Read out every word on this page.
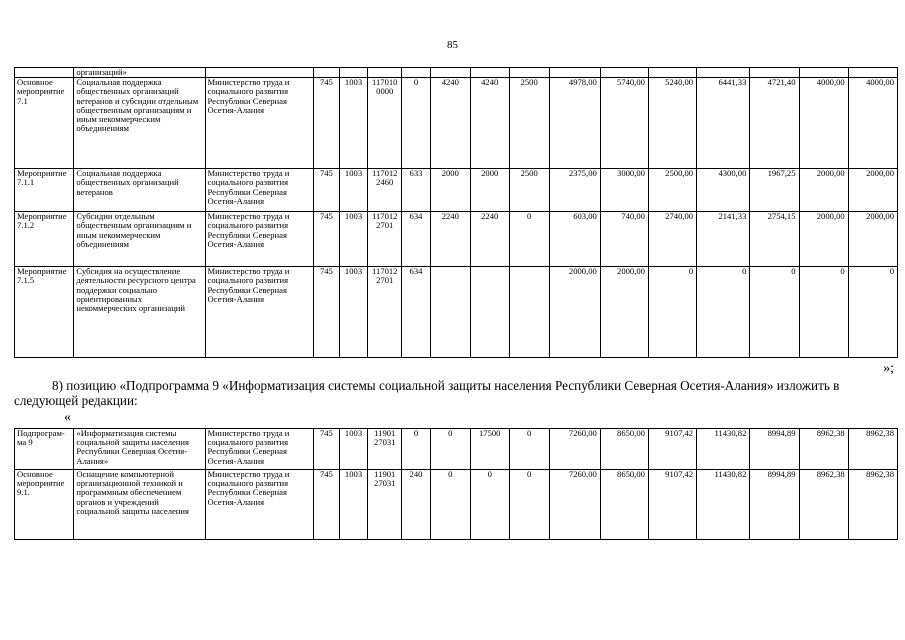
85
	организаций»															
Основное мероприятие 7.1	Социальная поддержка общественных организаций ветеранов и субсидии отдельным общественным организациям и иным некоммерческим объединениям	Министерство труда и социального развития Республики Северная Осетия-Алания	745	1003	117010 0000	0	4240	4240	2500	4978,00	5740,00	5240,00	6441,33	4721,40	4000,00	4000,00
Мероприятие 7.1.1	Социальная поддержка общественных организаций ветеранов	Министерство труда и социального развития Республики Северная Осетия-Алания	745	1003	117012 2460	633	2000	2000	2500	2375,00	3000,00	2500,00	4300,00	1967,25	2000,00	2000,00
Мероприятие 7.1.2	Субсидии отдельным общественным организациям и иным некоммерческим объединениям	Министерство труда и социального развития Республики Северная Осетия-Алания	745	1003	117012 2701	634	2240	2240	0	603,00	740,00	2740,00	2141,33	2754,15	2000,00	2000,00
Мероприятие 7.1.5	Субсидия на осуществление деятельности ресурсного центра поддержки социально ориентированных некоммерческих организаций	Министерство труда и социального развития Республики Северная Осетия-Алания	745	1003	117012 2701	634				2000,00	2000,00	0	0	0	0	0
»;
8) позицию «Подпрограмма 9 «Информатизация системы социальной защиты населения Республики Северная Осетия-Алания» изложить в следующей редакции:
«
Подпрограм-ма 9	«Информатизация системы социальной защиты населения Республики Северная Осетия-Алания»	Министерство труда и социального развития Республики Северная Осетия-Алания	745	1003	11901 27031	0	0	17500	0	7260,00	8650,00	9107,42	11430,82	8994,89	8962,38	8962,38
Основное мероприятие 9.1.	Оснащение компьютерной организационной техникой и программным обеспечением органов и учреждений социальной защиты населения	Министерство труда и социального развития Республики Северная Осетия-Алания	745	1003	11901 27031	240	0	0	0	7260,00	8650,00	9107,42	11430,82	8994,89	8962,38	8962,38
